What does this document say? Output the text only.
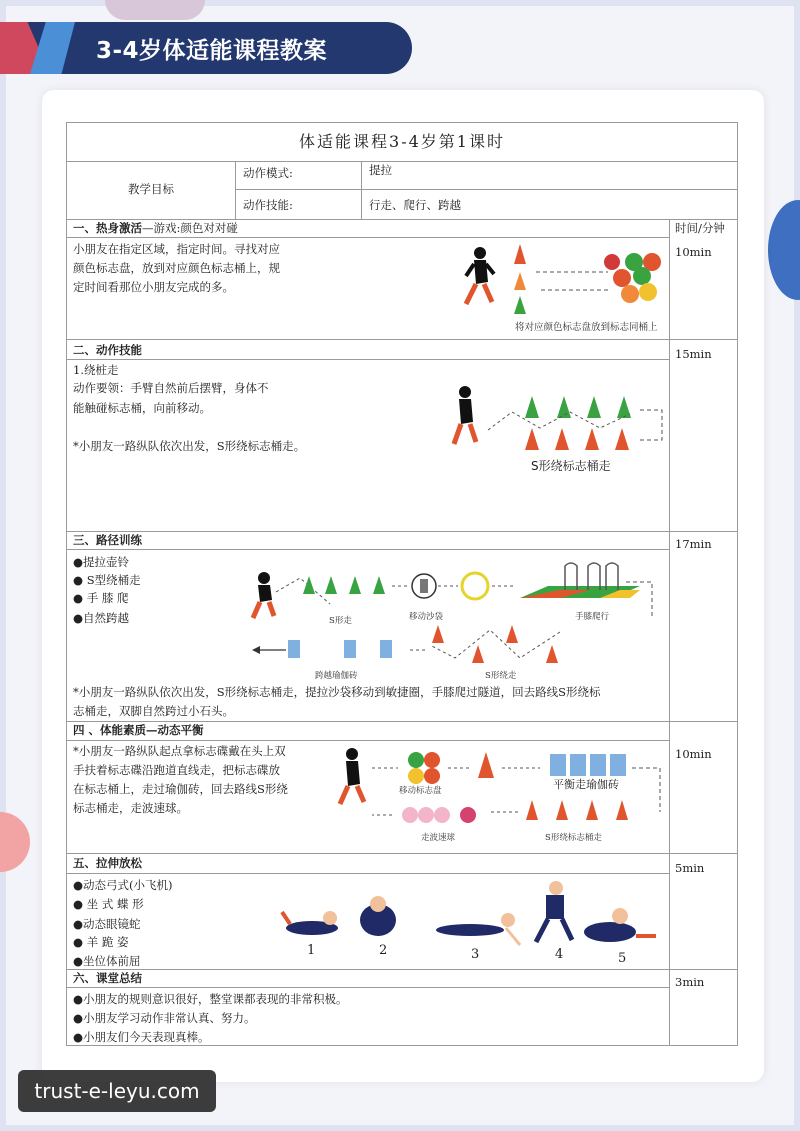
3-4岁体适能课程教案
体适能课程3-4岁第1课时
教学目标
动作模式:	提拉
动作技能:	行走、爬行、跨越
时间/分钟
一、热身激活—游戏:颜色对对碰
小朋友在指定区域，指定时间。寻找对应
颜色标志盘，放到对应颜色标志桶上，规
定时间看那位小朋友完成的多。
10min
将对应颜色标志盘放到标志同桶上
二、动作技能
1.绕桩走
动作要领：手臂自然前后摆臂，身体不
能触碰标志桶，向前移动。
*小朋友一路纵队依次出发，S形绕标志桶走。
15min
S形绕标志桶走
三、路径训练
●提拉壶铃
● S型绕桶走
● 手 膝 爬
●自然跨越
17min
*小朋友一路纵队依次出发，S形绕标志桶走，提拉沙袋移动到敏捷圈，手膝爬过隧道，回去路线S形绕标
志桶走，双脚自然跨过小石头。
S形走	移动沙袋	手膝爬行
跨越瑜伽砖	S形绕走
四 、体能素质—动态平衡
*小朋友一路纵队起点拿标志碟戴在头上双
手扶着标志碟沿跑道直线走，把标志碟放
在标志桶上，走过瑜伽砖，回去路线S形绕
标志桶走，走波速球。
10min
移动标志盘	平衡走瑜伽砖
走波速球	S形绕标志桶走
五、拉伸放松
●动态弓式(小飞机)
● 坐 式 蝶 形
●动态眼镜蛇
● 羊 跪 姿
●坐位体前屈
5min
1	2	3	4	5
六、课堂总结
●小朋友的规则意识很好，整堂课都表现的非常积极。
●小朋友学习动作非常认真、努力。
●小朋友们今天表现真棒。
3min
trust-e-leyu.com
